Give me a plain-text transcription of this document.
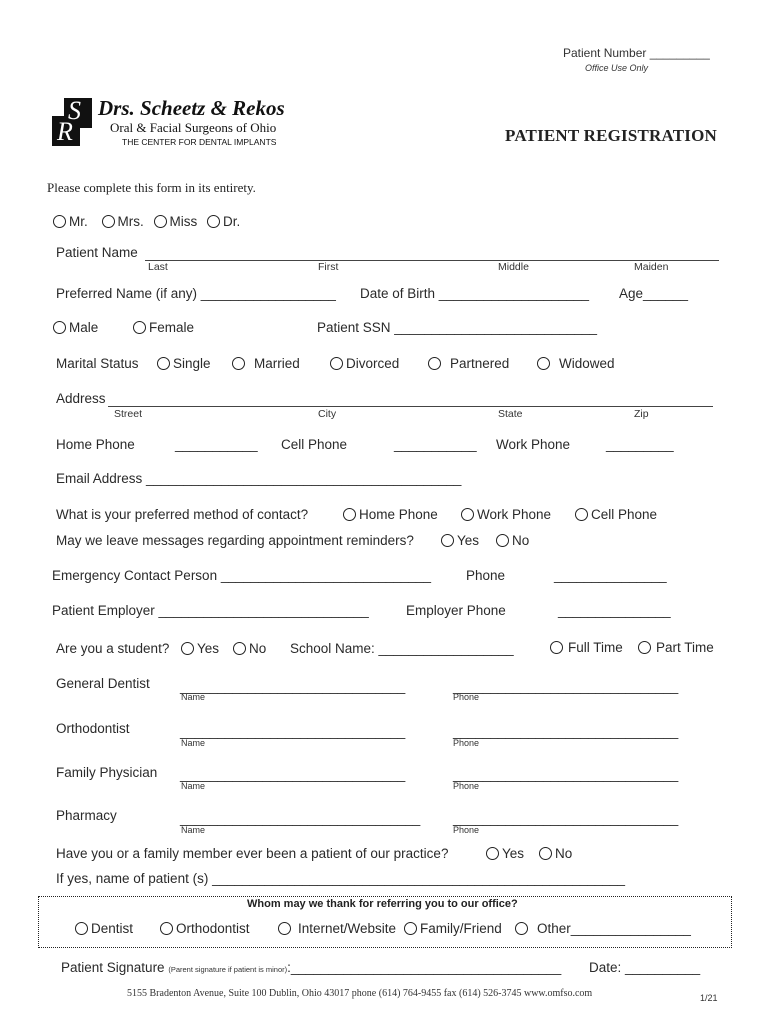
Patient Number _________
Office Use Only
S
R
Drs. Scheetz & Rekos
Oral & Facial Surgeons of Ohio
THE CENTER FOR DENTAL IMPLANTS	PATIENT REGISTRATION
Please complete this form in its entirety.
Mr. Mrs. Miss Dr.
Patient Name
Last	First	Middle	Maiden
Preferred Name (if any) __________________ Date of Birth ____________________ Age______
Male	Female	Patient SSN ___________________________
Marital Status	Single	Married	Divorced	Partnered	Widowed
Address
Street	City	State	Zip
Home Phone	___________ Cell Phone	___________ Work Phone	_________
Email Address __________________________________________
What is your preferred method of contact?	Home Phone	Work Phone	Cell Phone
May we leave messages regarding appointment reminders?	Yes	No
Emergency Contact Person ____________________________	Phone	_______________
Patient Employer ____________________________	Employer Phone	_______________
Are you a student?	Yes	No School Name: __________________	Full Time	Part Time
General Dentist ______________________________	______________________________
Name	Phone
Orthodontist	______________________________	______________________________
Name	Phone
Family Physician ______________________________	______________________________
Name	Phone
Pharmacy	________________________________ ______________________________
Name	Phone
Have you or a family member ever been a patient of our practice?	Yes	No
If yes, name of patient (s) _______________________________________________________
Whom may we thank for referring you to our office?
Dentist	Orthodontist	Internet/Website	Family/Friend	Other________________
Patient Signature (Parent signature if patient is minor):____________________________________ Date: __________
5155 Bradenton Avenue, Suite 100 Dublin, Ohio 43017 phone (614) 764-9455 fax (614) 526-3745 www.omfso.com	1/21
